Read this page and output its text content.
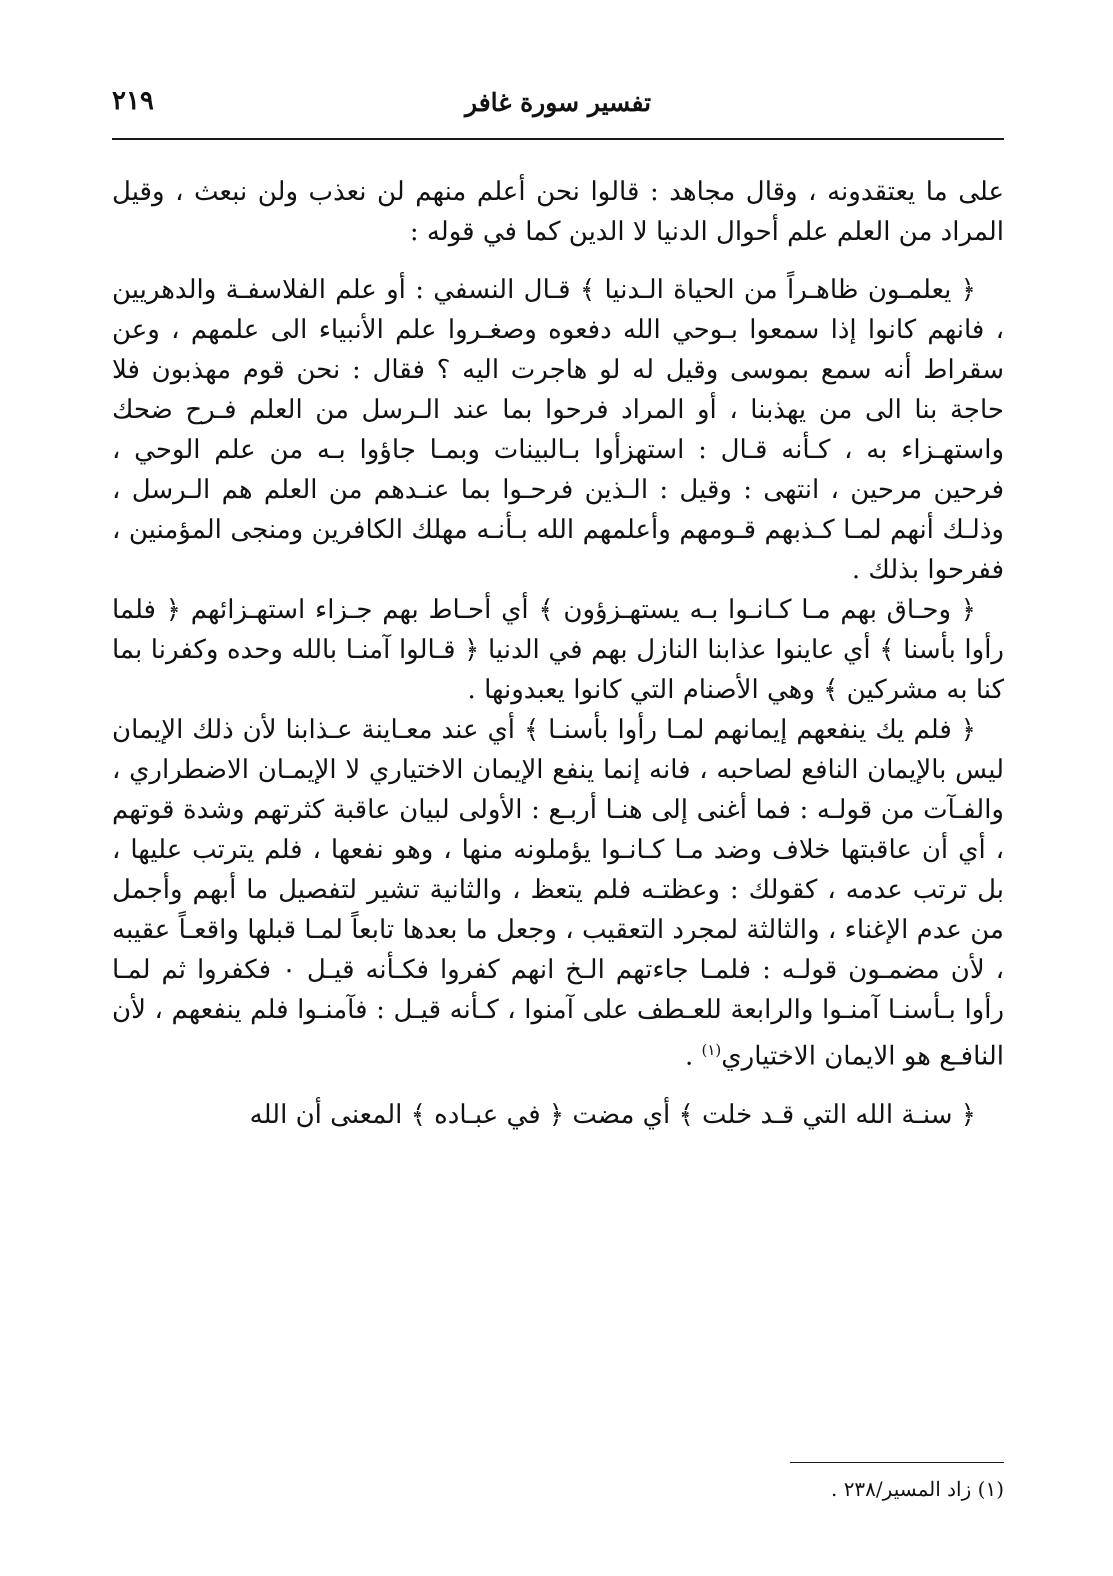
٢١٩	تفسير سورة غافر

على ما يعتقدونه ، وقال مجاهد : قالوا نحن أعلم منهم لن نعذب ولن نبعث ، وقيل المراد من العلم علم أحوال الدنيا لا الدين كما في قوله :

﴿ يعلمـون ظاهـراً من الحياة الـدنيا ﴾ قـال النسفي : أو علم الفلاسفـة والدهريين ، فانهم كانوا إذا سمعوا بـوحي الله دفعوه وصغـروا علم الأنبياء الى علمهم ، وعن سقراط أنه سمع بموسى وقيل له لو هاجرت اليه ؟ فقال : نحن قوم مهذبون فلا حاجة بنا الى من يهذبنا ، أو المراد فرحوا بما عند الـرسل من العلم فـرح ضحك واستهـزاء به ، كـأنه قـال : استهزأوا بـالبينات وبمـا جاؤوا بـه من علم الوحي ، فرحين مرحين ، انتهى : وقيل : الـذين فرحـوا بما عنـدهم من العلم هم الـرسل ، وذلـك أنهم لمـا كـذبهم قـومهم وأعلمهم الله بـأنـه مهلك الكافرين ومنجى المؤمنين ، ففرحوا بذلك .

﴿ وحـاق بهم مـا كـانـوا بـه يستهـزؤون ﴾ أي أحـاط بهم جـزاء استهـزائهم ﴿ فلما رأوا بأسنا ﴾ أي عاينوا عذابنا النازل بهم في الدنيا ﴿ قـالوا آمنـا بالله وحده وكفرنا بما كنا به مشركين ﴾ وهي الأصنام التي كانوا يعبدونها .

﴿ فلم يك ينفعهم إيمانهم لمـا رأوا بأسنـا ﴾ أي عند معـاينة عـذابنا لأن ذلك الإيمان ليس بالإيمان النافع لصاحبه ، فانه إنما ينفع الإيمان الاختياري لا الإيمـان الاضطراري ، والفـآت من قولـه : فما أغنى إلى هنـا أربـع : الأولى لبيان عاقبة كثرتهم وشدة قوتهم ، أي أن عاقبتها خلاف وضد مـا كـانـوا يؤملونه منها ، وهو نفعها ، فلم يترتب عليها ، بل ترتب عدمه ، كقولك : وعظتـه فلم يتعظ ، والثانية تشير لتفصيل ما أبهم وأجمل من عدم الإغناء ، والثالثة لمجرد التعقيب ، وجعل ما بعدها تابعاً لمـا قبلها واقعـاً عقيبه ، لأن مضمـون قولـه : فلمـا جاءتهم الـخ انهم كفروا فكـأنه قيـل ٠ فكفروا ثم لمـا رأوا بـأسنـا آمنـوا والرابعة للعـطف على آمنوا ، كـأنه قيـل : فآمنـوا فلم ينفعهم ، لأن النافـع هو الايمان الاختياري$^{(١)}$ .

﴿ سنـة الله التي قـد خلت ﴾ أي مضت ﴿ في عبـاده ﴾ المعنى أن الله

(١) زاد المسير/٢٣٨ .
